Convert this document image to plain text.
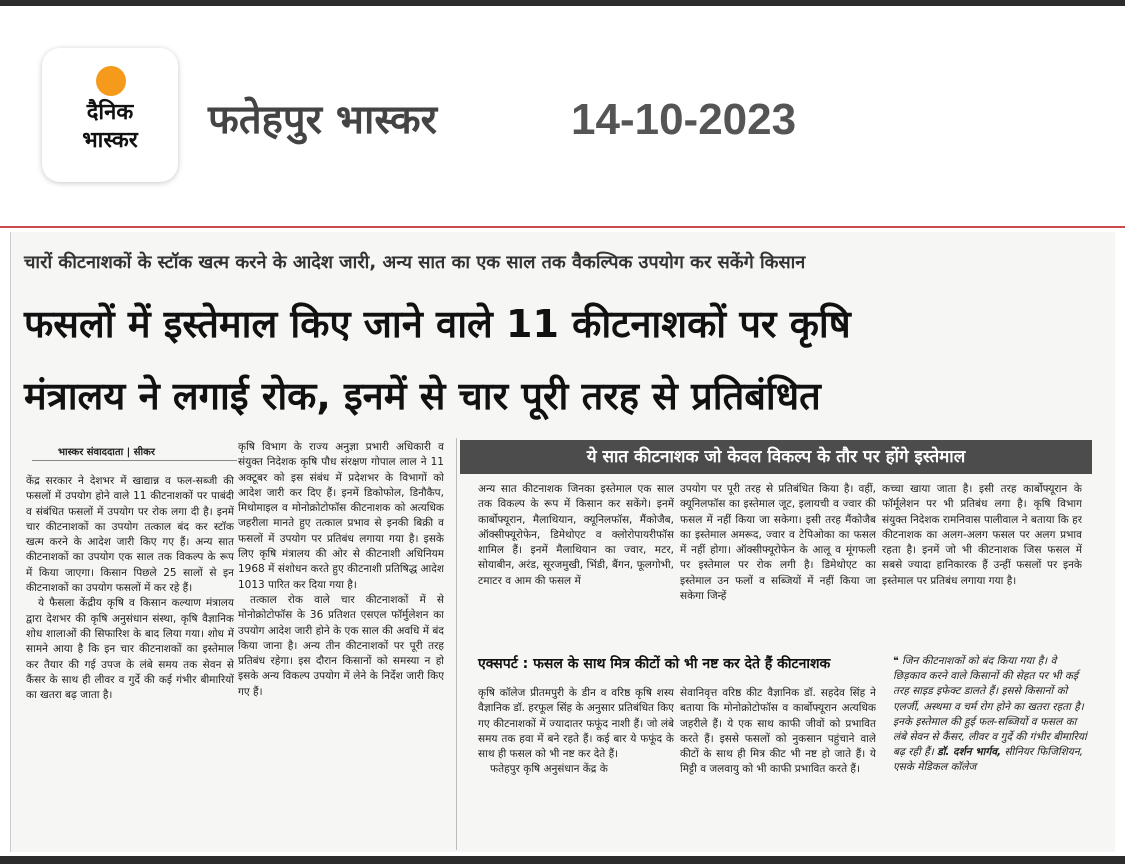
दैनिक
भास्कर	फतेहपुर भास्कर	14-10-2023
चारों कीटनाशकों के स्टॉक खत्म करने के आदेश जारी, अन्य सात का एक साल तक वैकल्पिक उपयोग कर सकेंगे किसान
फसलों में इस्तेमाल किए जाने वाले 11 कीटनाशकों पर कृषि
मंत्रालय ने लगाई रोक, इनमें से चार पूरी तरह से प्रतिबंधित
भास्कर संवाददाता | सीकर

केंद्र सरकार ने देशभर में खाद्यान्न व फल-सब्जी की फसलों में उपयोग होने वाले 11 कीटनाशकों पर पाबंदी व संबंधित फसलों में उपयोग पर रोक लगा दी है। इनमें चार कीटनाशकों का उपयोग तत्काल बंद कर स्टॉक खत्म करने के आदेश जारी किए गए हैं। अन्य सात कीटनाशकों का उपयोग एक साल तक विकल्प के रूप में किया जाएगा। किसान पिछले 25 सालों से इन कीटनाशकों का उपयोग फसलों में कर रहे हैं।

ये फैसला केंद्रीय कृषि व किसान कल्याण मंत्रालय द्वारा देशभर की कृषि अनुसंधान संस्था, कृषि वैज्ञानिक शोध शालाओं की सिफारिश के बाद लिया गया। शोध में सामने आया है कि इन चार कीटनाशकों का इस्तेमाल कर तैयार की गई उपज के लंबे समय तक सेवन से कैंसर के साथ ही लीवर व गुर्दे की कई गंभीर बीमारियों का खतरा बढ़ जाता है।

कृषि विभाग के राज्य अनुज्ञा प्रभारी अधिकारी व संयुक्त निदेशक कृषि पौध संरक्षण गोपाल लाल ने 11 अक्टूबर को इस संबंध में प्रदेशभर के विभागों को आदेश जारी कर दिए हैं। इनमें डिकोफोल, डिनौकैप, मिथोमाइल व मोनोक्रोटोफॉस कीटनाशक को अत्यधिक जहरीला मानते हुए तत्काल प्रभाव से इनकी बिक्री व फसलों में उपयोग पर प्रतिबंध लगाया गया है। इसके लिए कृषि मंत्रालय की ओर से कीटनाशी अधिनियम 1968 में संशोधन करते हुए कीटनाशी प्रतिषिद्ध आदेश 1013 पारित कर दिया गया है।

तत्काल रोक वाले चार कीटनाशकों में से मोनोक्रोटोफॉस के 36 प्रतिशत एसएल फॉर्मुलेशन का उपयोग आदेश जारी होने के एक साल की अवधि में बंद किया जाना है। अन्य तीन कीटनाशकों पर पूरी तरह प्रतिबंध रहेगा। इस दौरान किसानों को समस्या न हो इसके अन्य विकल्प उपयोग में लेने के निर्देश जारी किए गए हैं।

ये सात कीटनाशक जो केवल विकल्प के तौर पर होंगे इस्तेमाल

अन्य सात कीटनाशक जिनका इस्तेमाल एक साल तक विकल्प के रूप में किसान कर सकेंगे। इनमें कार्बोफ्यूरान, मैलाथियान, क्यूनिलफॉस, मैंकोजैब, ऑक्सीफ्यूरोफेन, डिमेथोएट व क्लोरोपायरीफॉस शामिल हैं। इनमें मैलाथियान का ज्वार, मटर, सोयाबीन, अरंड, सूरजमुखी, भिंडी, बैंगन, फूलगोभी, टमाटर व आम की फसल में

उपयोग पर पूरी तरह से प्रतिबंधित किया है। वहीं, क्यूनिलफॉस का इस्तेमाल जूट, इलायची व ज्वार की फसल में नहीं किया जा सकेगा। इसी तरह मैंकोजैब का इस्तेमाल अमरूद, ज्वार व टेपिओका का फसल में नहीं होगा। ऑक्सीफ्यूरोफेन के आलू व मूंगफली पर इस्तेमाल पर रोक लगी है। डिमेथोएट का इस्तेमाल उन फलों व सब्जियों में नहीं किया जा सकेगा जिन्हें

कच्चा खाया जाता है। इसी तरह कार्बोफ्यूरान के फॉर्मूलेशन पर भी प्रतिबंध लगा है। कृषि विभाग संयुक्त निदेशक रामनिवास पालीवाल ने बताया कि हर कीटनाशक का अलग-अलग फसल पर अलग प्रभाव रहता है। इनमें जो भी कीटनाशक जिस फसल में सबसे ज्यादा हानिकारक हैं उन्हीं फसलों पर इनके इस्तेमाल पर प्रतिबंध लगाया गया है।

एक्सपर्ट : फसल के साथ मित्र कीटों को भी नष्ट कर देते हैं कीटनाशक

कृषि कॉलेज प्रीतमपुरी के डीन व वरिष्ठ कृषि शस्य वैज्ञानिक डॉ. हरफूल सिंह के अनुसार प्रतिबंधित किए गए कीटनाशकों में ज्यादातर फफूंद नाशी हैं। जो लंबे समय तक हवा में बने रहते हैं। कई बार ये फफूंद के साथ ही फसल को भी नष्ट कर देते हैं।

फतेहपुर कृषि अनुसंधान केंद्र के

सेवानिवृत्त वरिष्ठ कीट वैज्ञानिक डॉ. सहदेव सिंह ने बताया कि मोनोक्रोटोफॉस व कार्बोफ्यूरान अत्यधिक जहरीले हैं। ये एक साथ काफी जीवों को प्रभावित करते हैं। इससे फसलों को नुकसान पहुंचाने वाले कीटों के साथ ही मित्र कीट भी नष्ट हो जाते हैं। ये मिट्टी व जलवायु को भी काफी प्रभावित करते हैं।

❝ जिन कीटनाशकों को बंद किया गया है। वे छिड़काव करने वाले किसानों की सेहत पर भी कई तरह साइड इफेक्ट डालते हैं। इससे किसानों को एलर्जी, अस्थमा व चर्म रोग होने का खतरा रहता है। इनके इस्तेमाल की हुई फल-सब्जियों व फसल का लंबे सेवन से कैंसर, लीवर व गुर्दे की गंभीर बीमारियां बढ़ रही हैं। डॉ. दर्शन भार्गव, सीनियर फिजिशियन, एसके मेडिकल कॉलेज
